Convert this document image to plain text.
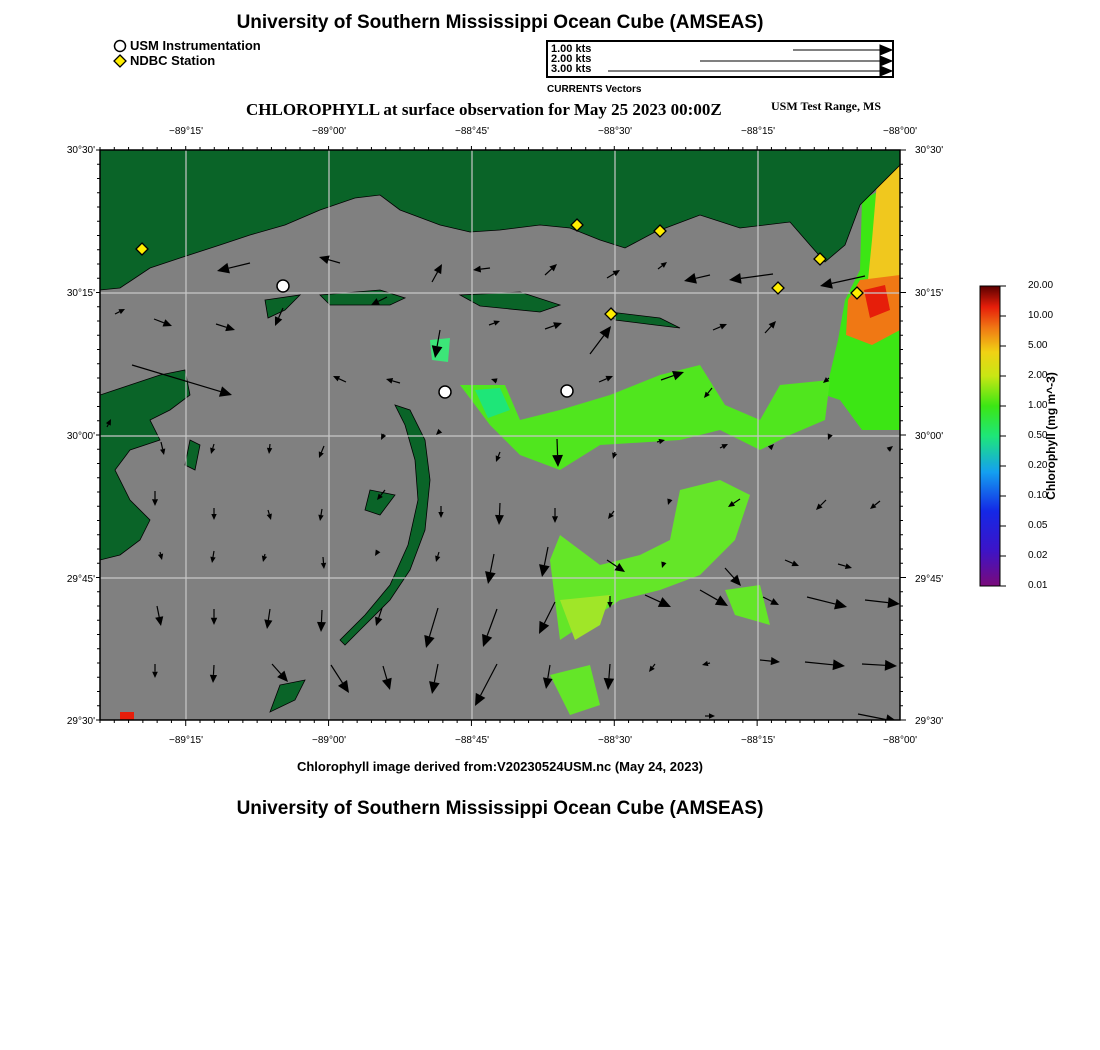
University of Southern Mississippi Ocean Cube (AMSEAS)
USM Instrumentation
NDBC Station
1.00 kts
2.00 kts
3.00 kts
CURRENTS Vectors
CHLOROPHYLL at surface observation for May 25 2023 00:00Z	USM Test Range, MS
−89°15'	−89°00'	−88°45'	−88°30'	−88°15'	−88°00'
−89°15'	−89°00'	−88°45'	−88°30'	−88°15'	−88°00'
30°30'
30°15'
30°00'
29°45'
29°30'
30°30'
30°15'
30°00'
29°45'
29°30'
20.00
10.00
5.00
2.00
1.00
0.50
0.20
0.10
0.05
0.02
0.01
Chlorophyll (mg m^-3)
Chlorophyll image derived from:V20230524USM.nc (May 24, 2023)
University of Southern Mississippi Ocean Cube (AMSEAS)
